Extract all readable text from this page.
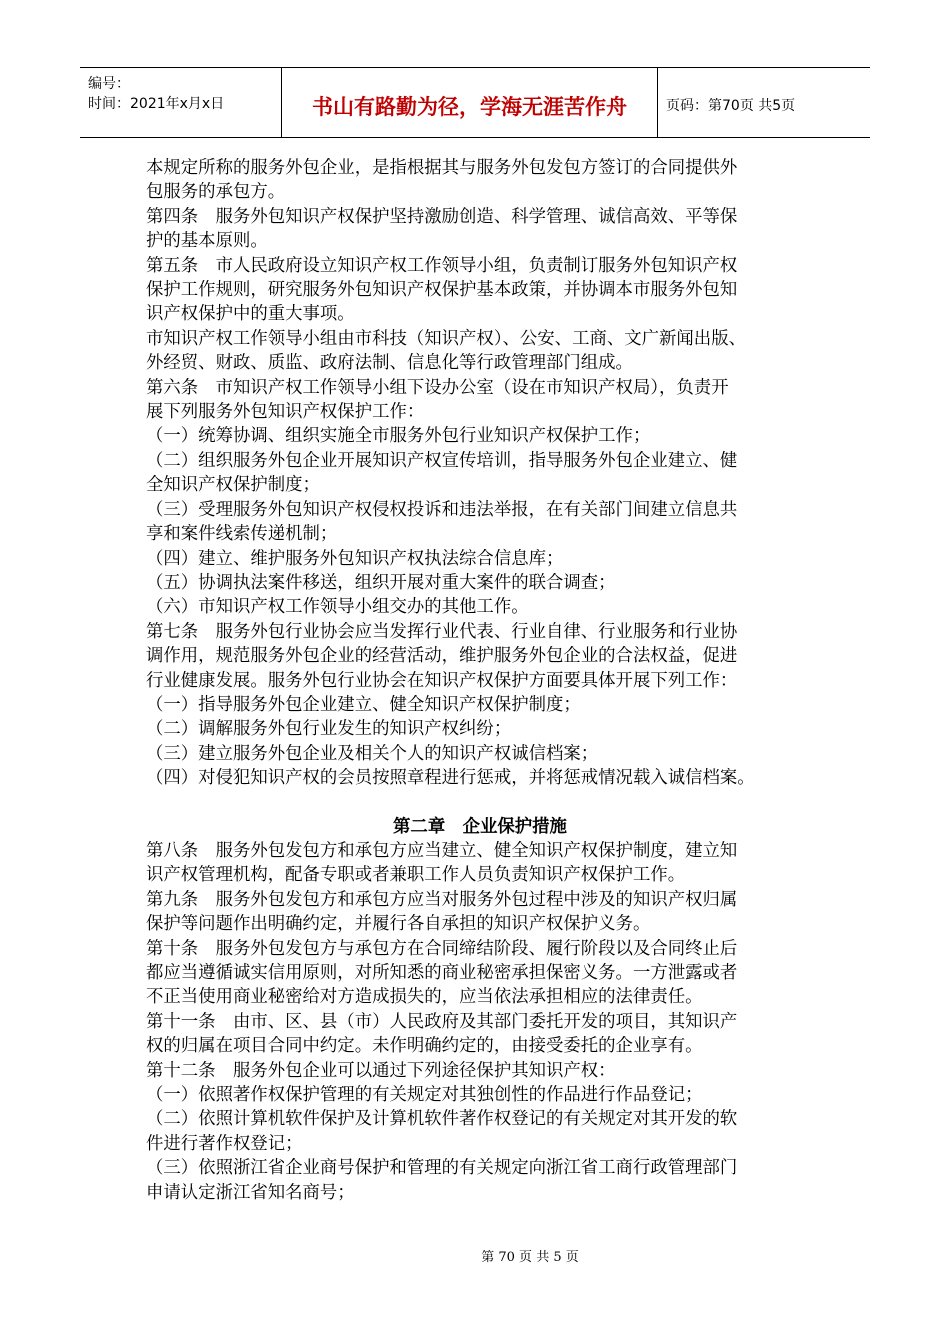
编号：
时间：2021年x月x日	书山有路勤为径，学海无涯苦作舟	页码：第70页 共5页

本规定所称的服务外包企业，是指根据其与服务外包发包方签订的合同提供外

包服务的承包方。

第四条　服务外包知识产权保护坚持激励创造、科学管理、诚信高效、平等保

护的基本原则。

第五条　市人民政府设立知识产权工作领导小组，负责制订服务外包知识产权

保护工作规则，研究服务外包知识产权保护基本政策，并协调本市服务外包知

识产权保护中的重大事项。

市知识产权工作领导小组由市科技（知识产权）、公安、工商、文广新闻出版、

外经贸、财政、质监、政府法制、信息化等行政管理部门组成。

第六条　市知识产权工作领导小组下设办公室（设在市知识产权局），负责开

展下列服务外包知识产权保护工作：

（一）统筹协调、组织实施全市服务外包行业知识产权保护工作；

（二）组织服务外包企业开展知识产权宣传培训，指导服务外包企业建立、健

全知识产权保护制度；

（三）受理服务外包知识产权侵权投诉和违法举报，在有关部门间建立信息共

享和案件线索传递机制；

（四）建立、维护服务外包知识产权执法综合信息库；

（五）协调执法案件移送，组织开展对重大案件的联合调查；

（六）市知识产权工作领导小组交办的其他工作。

第七条　服务外包行业协会应当发挥行业代表、行业自律、行业服务和行业协

调作用，规范服务外包企业的经营活动，维护服务外包企业的合法权益，促进

行业健康发展。服务外包行业协会在知识产权保护方面要具体开展下列工作：

（一）指导服务外包企业建立、健全知识产权保护制度；

（二）调解服务外包行业发生的知识产权纠纷；

（三）建立服务外包企业及相关个人的知识产权诚信档案；

（四）对侵犯知识产权的会员按照章程进行惩戒，并将惩戒情况载入诚信档案。

第二章　企业保护措施

第八条　服务外包发包方和承包方应当建立、健全知识产权保护制度，建立知

识产权管理机构，配备专职或者兼职工作人员负责知识产权保护工作。

第九条　服务外包发包方和承包方应当对服务外包过程中涉及的知识产权归属

保护等问题作出明确约定，并履行各自承担的知识产权保护义务。

第十条　服务外包发包方与承包方在合同缔结阶段、履行阶段以及合同终止后

都应当遵循诚实信用原则，对所知悉的商业秘密承担保密义务。一方泄露或者

不正当使用商业秘密给对方造成损失的，应当依法承担相应的法律责任。

第十一条　由市、区、县（市）人民政府及其部门委托开发的项目，其知识产

权的归属在项目合同中约定。未作明确约定的，由接受委托的企业享有。

第十二条　服务外包企业可以通过下列途径保护其知识产权：

（一）依照著作权保护管理的有关规定对其独创性的作品进行作品登记；

（二）依照计算机软件保护及计算机软件著作权登记的有关规定对其开发的软

件进行著作权登记；

（三）依照浙江省企业商号保护和管理的有关规定向浙江省工商行政管理部门

申请认定浙江省知名商号；

第 70 页 共 5 页
